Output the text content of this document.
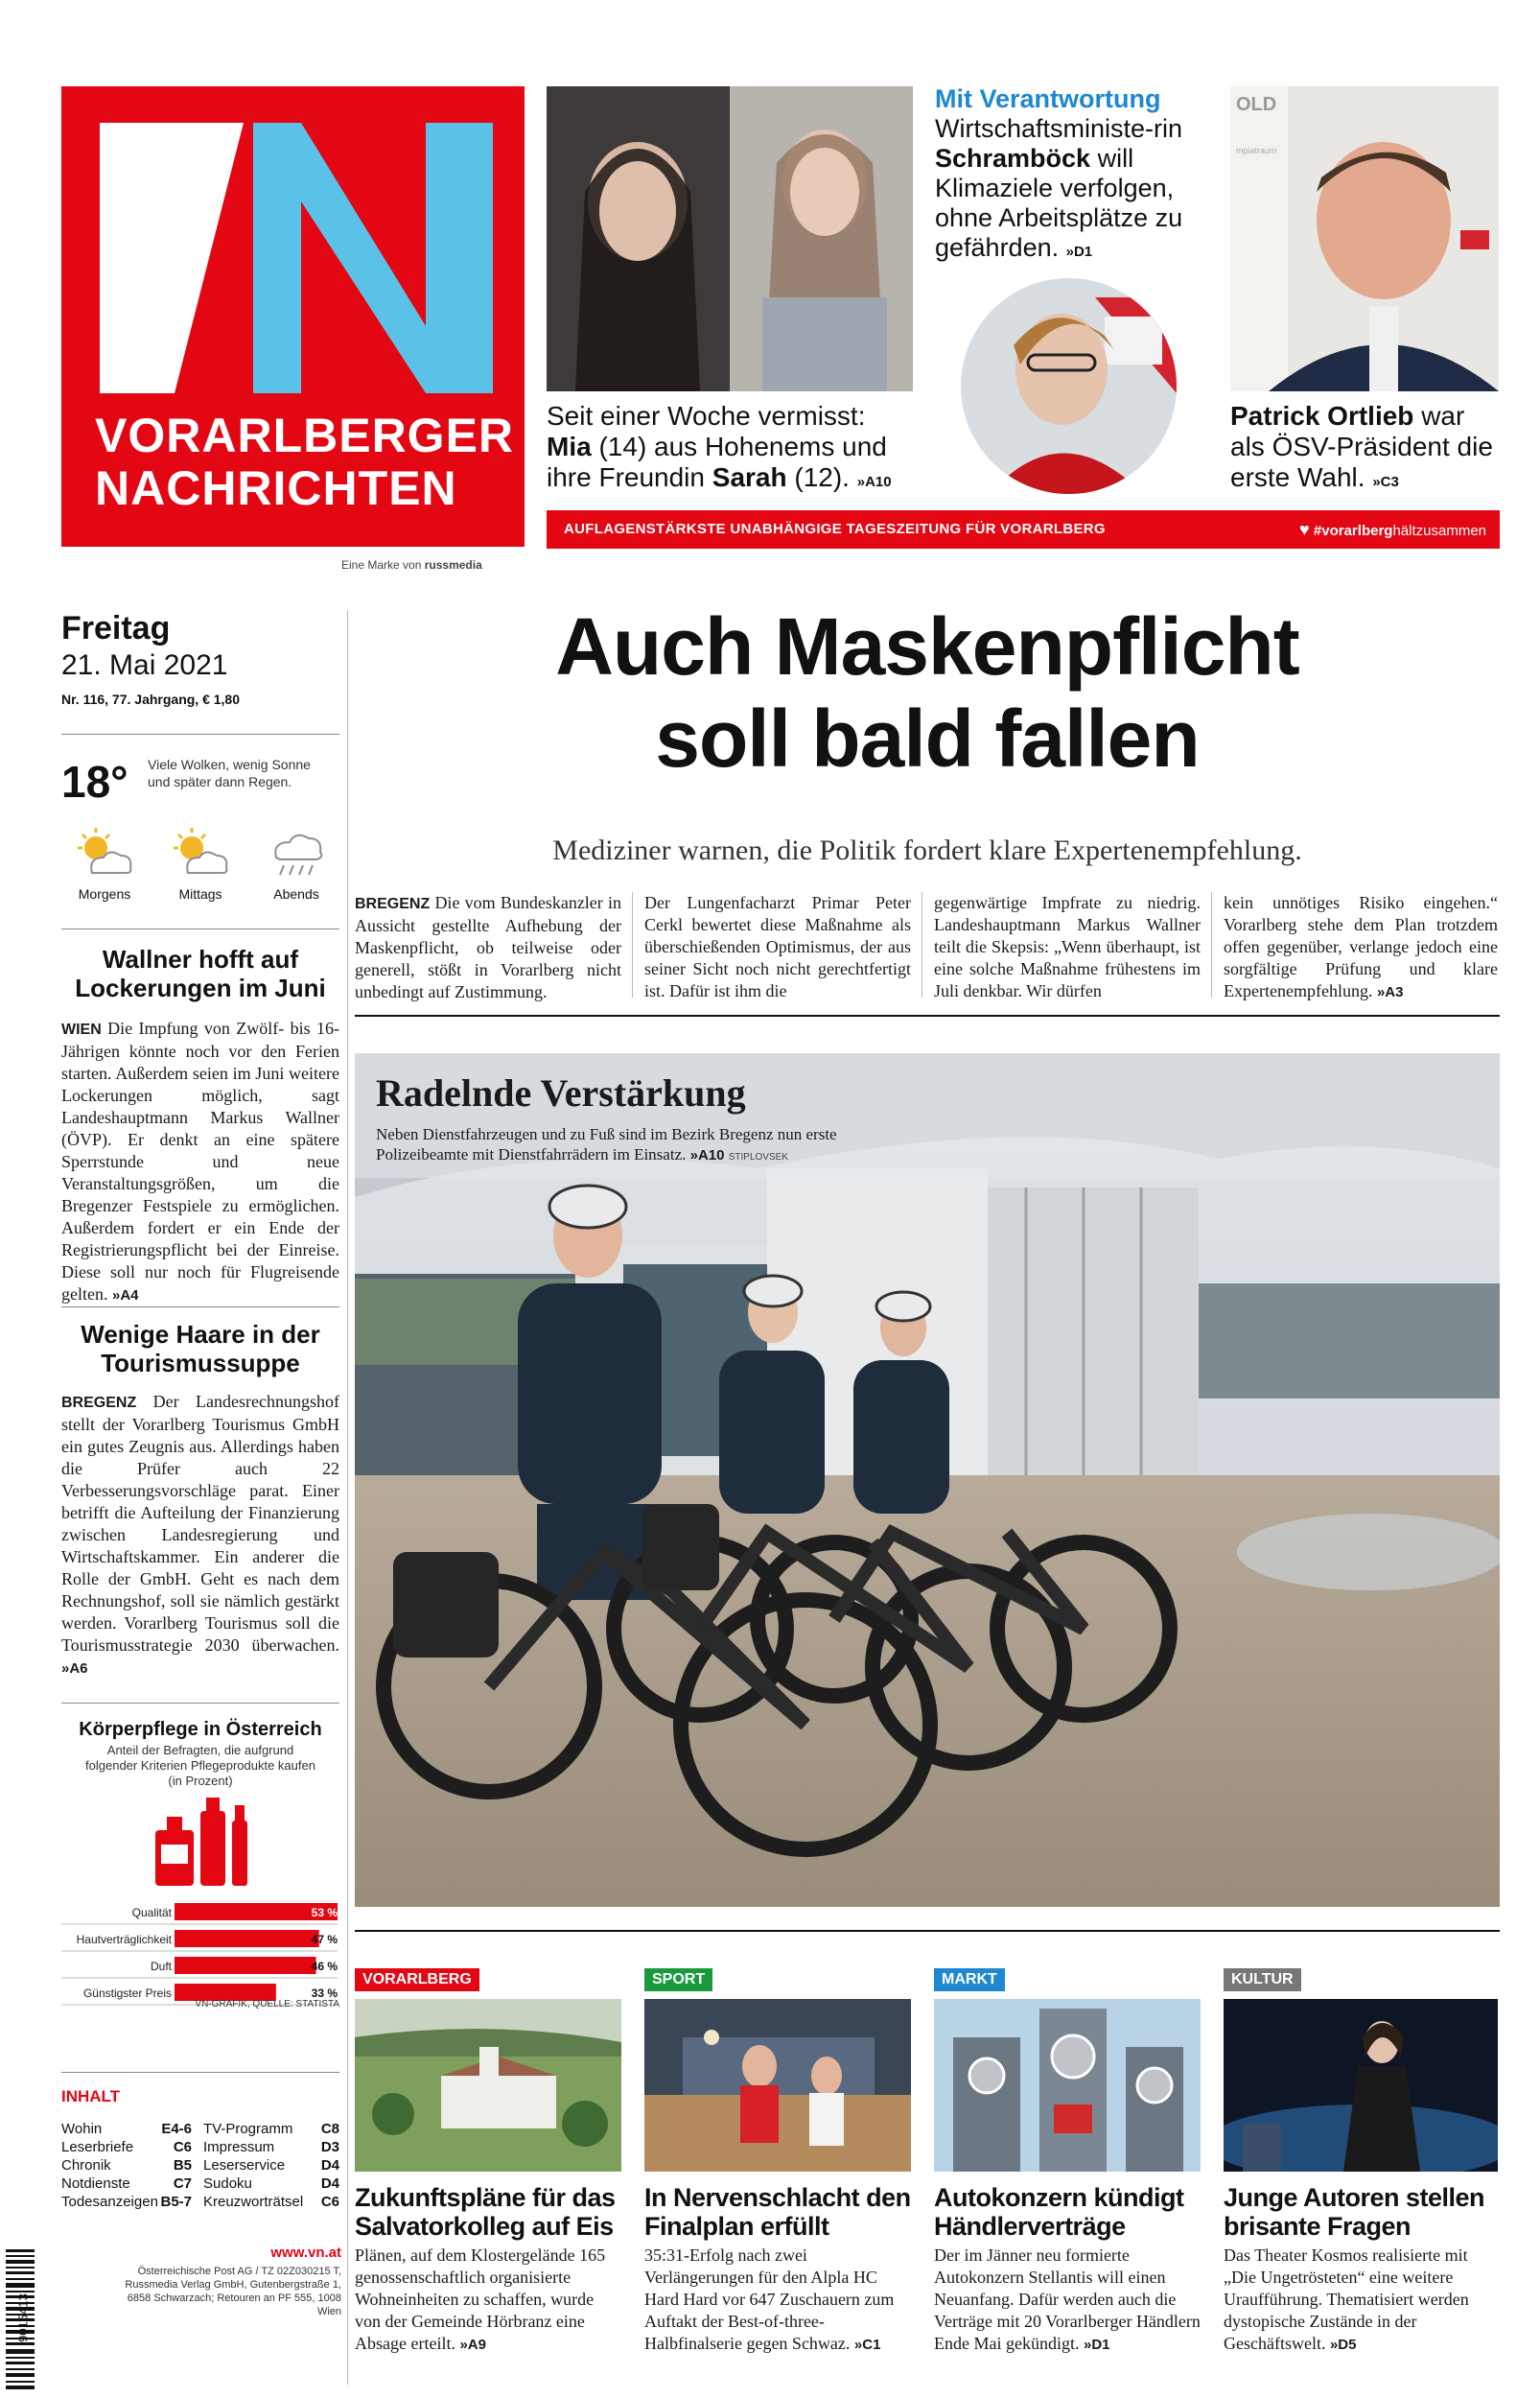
VORARLBERGER
NACHRICHTEN
Eine Marke von russmedia
Seit einer Woche vermisst: Mia (14) aus Hohenems und ihre Freundin Sarah (12). »A10
Mit Verantwortung
Wirtschaftsministe-rin Schramböck will Klimaziele verfolgen, ohne Arbeitsplätze zu gefährden. »D1
OLD
mpiatraum
Patrick Ortlieb war als ÖSV-Präsident die erste Wahl. »C3
AUFLAGENSTÄRKSTE UNABHÄNGIGE TAGESZEITUNG FÜR VORARLBERG	♥ #vorarlberghältzusammen
Freitag
21. Mai 2021
Nr. 116, 77. Jahrgang, € 1,80
18° Viele Wolken, wenig Sonne und später dann Regen.
Morgens	Mittags	Abends
Wallner hofft auf Lockerungen im Juni
WIEN Die Impfung von Zwölf- bis 16-Jährigen könnte noch vor den Ferien starten. Außerdem seien im Juni weitere Lockerungen möglich, sagt Landeshauptmann Markus Wallner (ÖVP). Er denkt an eine spätere Sperrstunde und neue Veranstaltungsgrößen, um die Bregenzer Festspiele zu ermöglichen. Außerdem fordert er ein Ende der Registrierungspflicht bei der Einreise. Diese soll nur noch für Flugreisende gelten. »A4
Wenige Haare in der Tourismussuppe
BREGENZ Der Landesrechnungshof stellt der Vorarlberg Tourismus GmbH ein gutes Zeugnis aus. Allerdings haben die Prüfer auch 22 Verbesserungsvorschläge parat. Einer betrifft die Aufteilung der Finanzierung zwischen Landesregierung und Wirtschaftskammer. Ein anderer die Rolle der GmbH. Geht es nach dem Rechnungshof, soll sie nämlich gestärkt werden. Vorarlberg Tourismus soll die Tourismusstrategie 2030 überwachen. »A6
Körperpflege in Österreich
Anteil der Befragten, die aufgrund folgender Kriterien Pflegeprodukte kaufen (in Prozent)
Qualität	53 %
Hautverträglichkeit	47 %
Duft	46 %
Günstigster Preis	33 %
VN-GRAFIK, QUELLE: STATISTA
INHALT
Wohin	E4-6
Leserbriefe	C6
Chronik	B5
Notdienste	C7
Todesanzeigen B5-7
TV-Programm C8
Impressum	D3
Leserservice	D4
Sudoku	D4
Kreuzworträtsel C6
9015413
www.vn.at
Österreichische Post AG / TZ 02Z030215 T, Russmedia Verlag GmbH, Gutenbergstraße 1, 6858 Schwarzach; Retouren an PF 555, 1008 Wien
Auch Maskenpflicht
soll bald fallen
Mediziner warnen, die Politik fordert klare Expertenempfehlung.
BREGENZ Die vom Bundeskanzler in Aussicht gestellte Aufhebung der Maskenpflicht, ob teilweise oder generell, stößt in Vorarlberg nicht unbedingt auf Zustimmung.
Der Lungenfacharzt Primar Peter Cerkl bewertet diese Maßnahme als überschießenden Optimismus, der aus seiner Sicht noch nicht gerechtfertigt ist. Dafür ist ihm die
gegenwärtige Impfrate zu niedrig. Landeshauptmann Markus Wallner teilt die Skepsis: „Wenn überhaupt, ist eine solche Maßnahme frühestens im Juli denkbar. Wir dürfen
kein unnötiges Risiko eingehen.“ Vorarlberg stehe dem Plan trotzdem offen gegenüber, verlange jedoch eine sorgfältige Prüfung und klare Expertenempfehlung. »A3
Radelnde Verstärkung
Neben Dienstfahrzeugen und zu Fuß sind im Bezirk Bregenz nun erste Polizeibeamte mit Dienstfahrrädern im Einsatz. »A10 STIPLOVSEK
VORARLBERG
Zukunftspläne für das Salvatorkolleg auf Eis
Plänen, auf dem Klostergelände 165 genossenschaftlich organisierte Wohneinheiten zu schaffen, wurde von der Gemeinde Hörbranz eine Absage erteilt. »A9
SPORT
In Nervenschlacht den Finalplan erfüllt
35:31-Erfolg nach zwei Verlängerungen für den Alpla HC Hard Hard vor 647 Zuschauern zum Auftakt der Best-of-three-Halbfinalserie gegen Schwaz. »C1
MARKT
Autokonzern kündigt Händlerverträge
Der im Jänner neu formierte Autokonzern Stellantis will einen Neuanfang. Dafür werden auch die Verträge mit 20 Vorarlberger Händlern Ende Mai gekündigt. »D1
KULTUR
Junge Autoren stellen brisante Fragen
Das Theater Kosmos realisierte mit „Die Ungetrösteten“ eine weitere Uraufführung. Thematisiert werden dystopische Zustände in der Geschäftswelt. »D5
